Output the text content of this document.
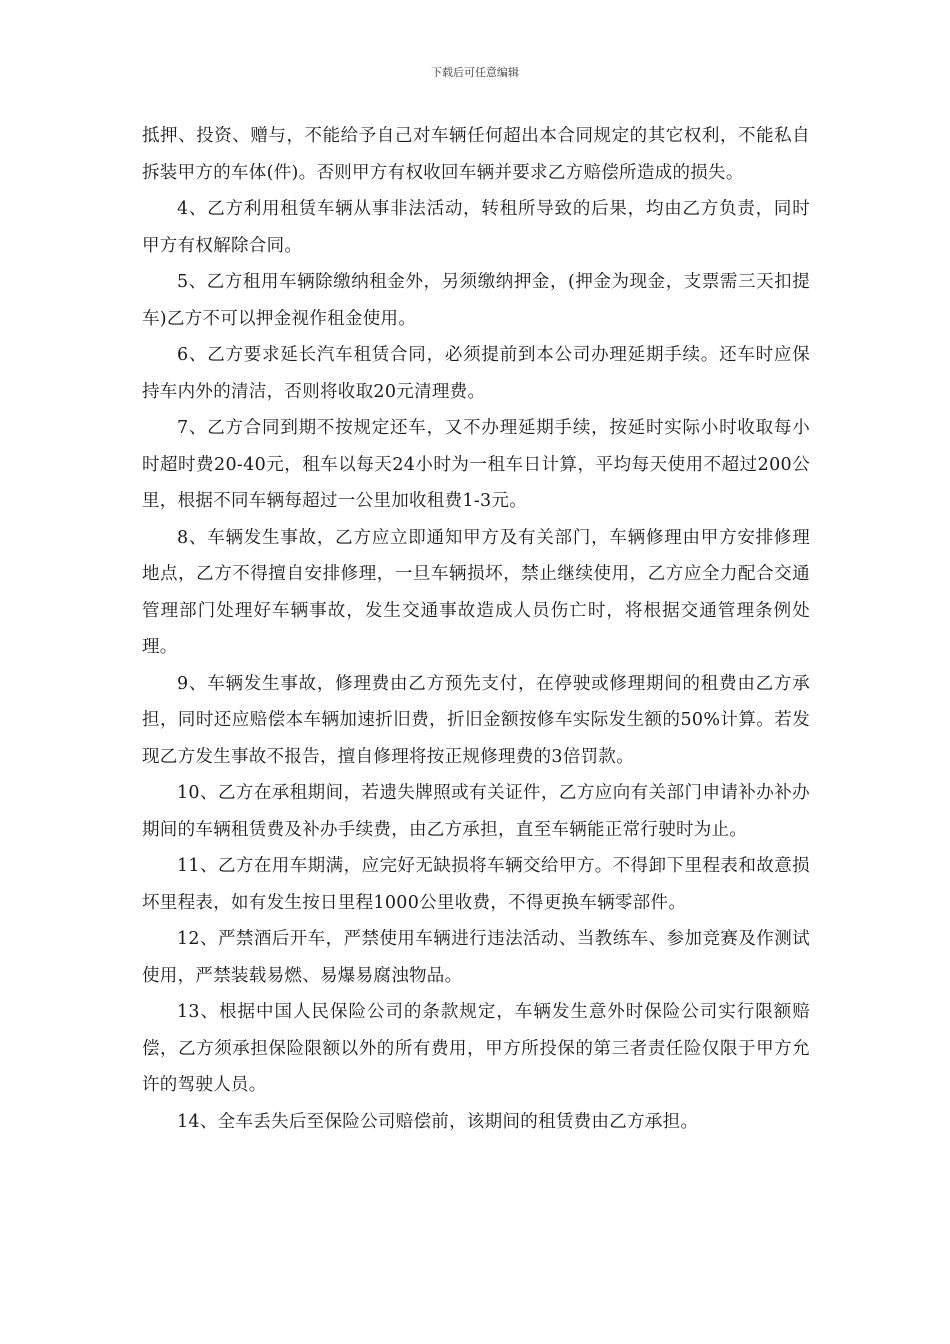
下载后可任意编辑

抵押、投资、赠与，不能给予自己对车辆任何超出本合同规定的其它权利，不能私自拆装甲方的车体(件)。否则甲方有权收回车辆并要求乙方赔偿所造成的损失。

4、乙方利用租赁车辆从事非法活动，转租所导致的后果，均由乙方负责，同时甲方有权解除合同。

5、乙方租用车辆除缴纳租金外，另须缴纳押金，(押金为现金，支票需三天扣提车)乙方不可以押金视作租金使用。

6、乙方要求延长汽车租赁合同，必须提前到本公司办理延期手续。还车时应保持车内外的清洁，否则将收取20元清理费。

7、乙方合同到期不按规定还车，又不办理延期手续，按延时实际小时收取每小时超时费20-40元，租车以每天24小时为一租车日计算，平均每天使用不超过200公里，根据不同车辆每超过一公里加收租费1-3元。

8、车辆发生事故，乙方应立即通知甲方及有关部门，车辆修理由甲方安排修理地点，乙方不得擅自安排修理，一旦车辆损坏，禁止继续使用，乙方应全力配合交通管理部门处理好车辆事故，发生交通事故造成人员伤亡时，将根据交通管理条例处理。

9、车辆发生事故，修理费由乙方预先支付，在停驶或修理期间的租费由乙方承担，同时还应赔偿本车辆加速折旧费，折旧金额按修车实际发生额的50%计算。若发现乙方发生事故不报告，擅自修理将按正规修理费的3倍罚款。

10、乙方在承租期间，若遗失牌照或有关证件，乙方应向有关部门申请补办补办期间的车辆租赁费及补办手续费，由乙方承担，直至车辆能正常行驶时为止。

11、乙方在用车期满，应完好无缺损将车辆交给甲方。不得卸下里程表和故意损坏里程表，如有发生按日里程1000公里收费，不得更换车辆零部件。

12、严禁酒后开车，严禁使用车辆进行违法活动、当教练车、参加竞赛及作测试使用，严禁装载易燃、易爆易腐浊物品。

13、根据中国人民保险公司的条款规定，车辆发生意外时保险公司实行限额赔偿，乙方须承担保险限额以外的所有费用，甲方所投保的第三者责任险仅限于甲方允许的驾驶人员。

14、全车丢失后至保险公司赔偿前，该期间的租赁费由乙方承担。
